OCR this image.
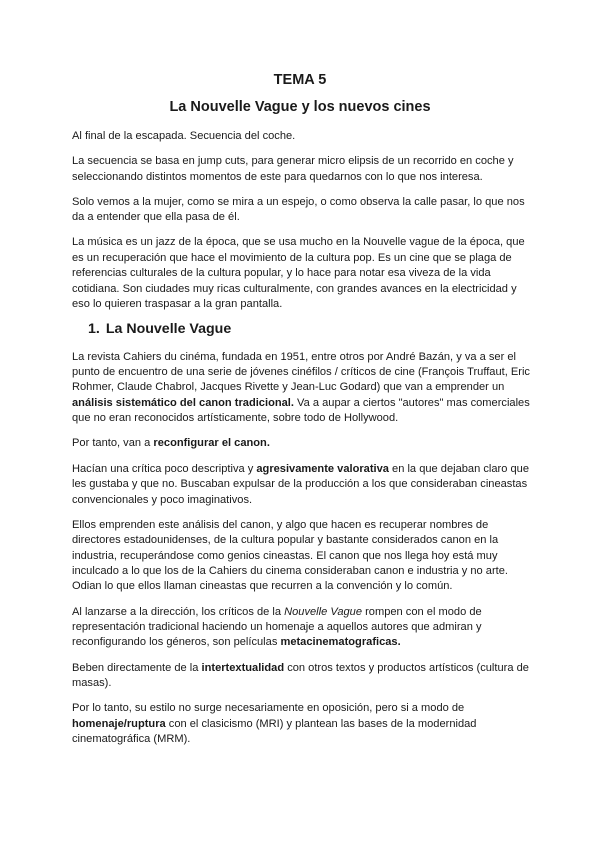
TEMA 5
La Nouvelle Vague y los nuevos cines

Al final de la escapada. Secuencia del coche.

La secuencia se basa en jump cuts, para generar micro elipsis de un recorrido en coche y seleccionando distintos momentos de este para quedarnos con lo que nos interesa.

Solo vemos a la mujer, como se mira a un espejo, o como observa la calle pasar, lo que nos da a entender que ella pasa de él.

La música es un jazz de la época, que se usa mucho en la Nouvelle vague de la época, que es un recuperación que hace el movimiento de la cultura pop. Es un cine que se plaga de referencias culturales de la cultura popular, y lo hace para notar esa viveza de la vida cotidiana. Son ciudades muy ricas culturalmente, con grandes avances en la electricidad y eso lo quieren traspasar a la gran pantalla.

1. La Nouvelle Vague

La revista Cahiers du cinéma, fundada en 1951, entre otros por André Bazán, y va a ser el punto de encuentro de una serie de jóvenes cinéfilos / críticos de cine (François Truffaut, Eric Rohmer, Claude Chabrol, Jacques Rivette y Jean-Luc Godard) que van a emprender un análisis sistemático del canon tradicional. Va a aupar a ciertos "autores" mas comerciales que no eran reconocidos artísticamente, sobre todo de Hollywood.

Por tanto, van a reconfigurar el canon.

Hacían una crítica poco descriptiva y agresivamente valorativa en la que dejaban claro que les gustaba y que no. Buscaban expulsar de la producción a los que consideraban cineastas convencionales y poco imaginativos.

Ellos emprenden este análisis del canon, y algo que hacen es recuperar nombres de directores estadounidenses, de la cultura popular y bastante considerados canon en la industria, recuperándose como genios cineastas. El canon que nos llega hoy está muy inculcado a lo que los de la Cahiers du cinema consideraban canon e industria y no arte. Odian lo que ellos llaman cineastas que recurren a la convención y lo común.

Al lanzarse a la dirección, los críticos de la Nouvelle Vague rompen con el modo de representación tradicional haciendo un homenaje a aquellos autores que admiran y reconfigurando los géneros, son películas metacinematograficas.

Beben directamente de la intertextualidad con otros textos y productos artísticos (cultura de masas).

Por lo tanto, su estilo no surge necesariamente en oposición, pero si a modo de homenaje/ruptura con el clasicismo (MRI) y plantean las bases de la modernidad cinematográfica (MRM).
